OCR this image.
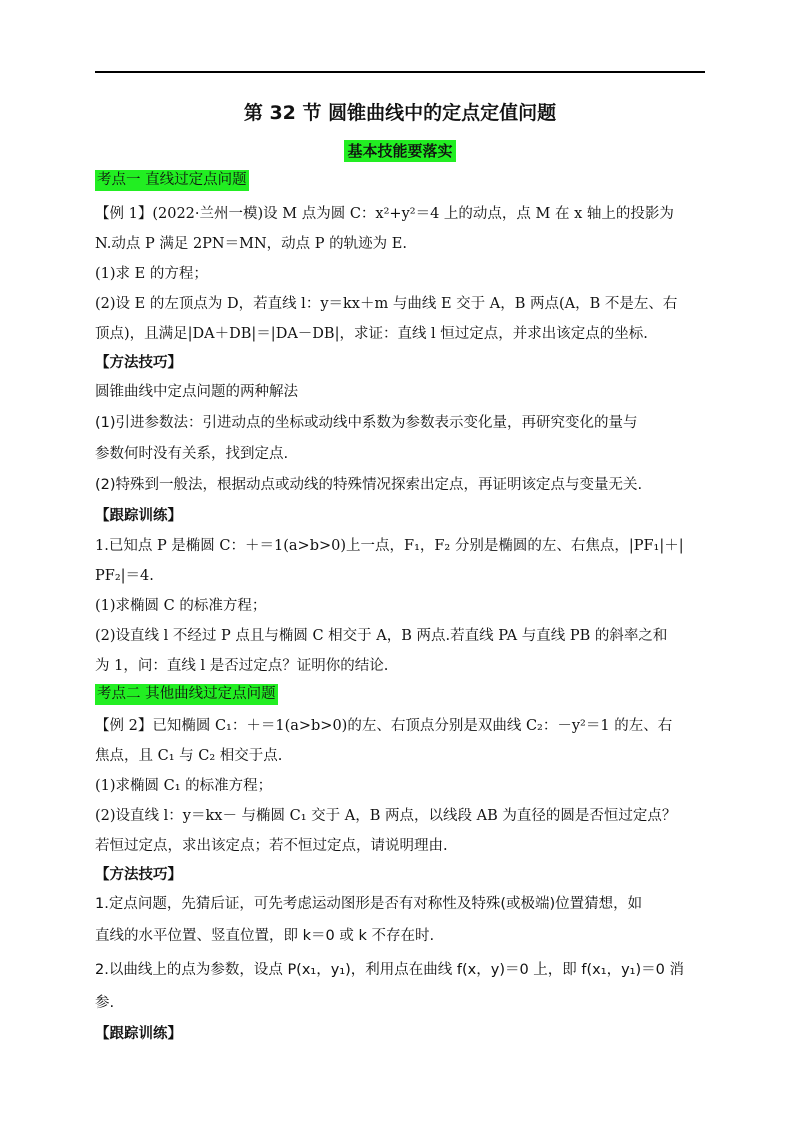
第 32 节 圆锥曲线中的定点定值问题
基本技能要落实
考点一 直线过定点问题
【例 1】(2022·兰州一模)设 M 点为圆 C：x²+y²＝4 上的动点，点 M 在 x 轴上的投影为
N.动点 P 满足 2PN＝MN，动点 P 的轨迹为 E.
(1)求 E 的方程；
(2)设 E 的左顶点为 D，若直线 l：y＝kx＋m 与曲线 E 交于 A，B 两点(A，B 不是左、右
顶点)，且满足|DA＋DB|＝|DA－DB|，求证：直线 l 恒过定点，并求出该定点的坐标.
【方法技巧】
圆锥曲线中定点问题的两种解法
(1)引进参数法：引进动点的坐标或动线中系数为参数表示变化量，再研究变化的量与
参数何时没有关系，找到定点.
(2)特殊到一般法，根据动点或动线的特殊情况探索出定点，再证明该定点与变量无关.
【跟踪训练】
1.已知点 P 是椭圆 C：＋＝1(a>b>0)上一点，F₁，F₂ 分别是椭圆的左、右焦点，|PF₁|＋|
PF₂|＝4.
(1)求椭圆 C 的标准方程；
(2)设直线 l 不经过 P 点且与椭圆 C 相交于 A，B 两点.若直线 PA 与直线 PB 的斜率之和
为 1，问：直线 l 是否过定点？证明你的结论.
考点二 其他曲线过定点问题
【例 2】已知椭圆 C₁：＋＝1(a>b>0)的左、右顶点分别是双曲线 C₂：－y²＝1 的左、右
焦点，且 C₁ 与 C₂ 相交于点.
(1)求椭圆 C₁ 的标准方程；
(2)设直线 l：y＝kx－ 与椭圆 C₁ 交于 A，B 两点，以线段 AB 为直径的圆是否恒过定点？
若恒过定点，求出该定点；若不恒过定点，请说明理由.
【方法技巧】
1.定点问题，先猜后证，可先考虑运动图形是否有对称性及特殊(或极端)位置猜想，如
直线的水平位置、竖直位置，即 k＝0 或 k 不存在时.
2.以曲线上的点为参数，设点 P(x₁，y₁)，利用点在曲线 f(x，y)＝0 上，即 f(x₁，y₁)＝0 消
参.
【跟踪训练】
